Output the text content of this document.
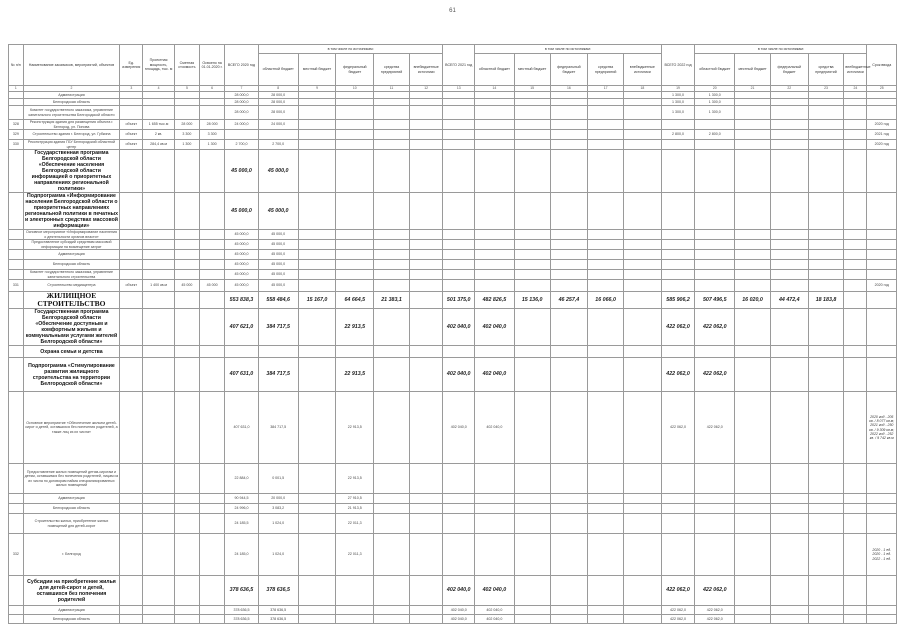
61
№ п/п	Наименование заказчиков, мероприятий, объектов	Ед. измерения	Проектная мощность, площадь, тыс. м	Сметная стоимость	Освоено на 01.01.2020 г.	ВСЕГО 2020 год	в том числе по источникам:					ВСЕГО 2021 год	в том числе по источникам:					ВСЕГО 2022 год	в том числе по источникам:					Срок ввода
							областной бюджет	местный бюджет	федеральный бюджет	средства предприятий	внебюджетные источники		областной бюджет	местный бюджет	федеральный бюджет	средства предприятий	внебюджетные источники		областной бюджет	местный бюджет	федеральный бюджет	средства предприятий	внебюджетные источники	
1	2	3	4	5	6	7	8	9	10	11	12	13	14	15	16	17	18	19	20	21	22	23	24	25
	Администрация					28 000,0	28 000,0											1 300,0	1 300,0					
	Белгородская область					28 000,0	28 000,0											1 300,0	1 300,0					
	Комитет государственного заказчика, управление капитального строительства Белгородской области					28 000,0	28 000,0											1 300,0	1 300,0					
328	Реконструкция здания для размещения объекта г. Белгород, ул. Попова	объект	1 655 тыс.м	28 000	28 000	24 000,0	24 000,0																	2020 год
329	Строительство здания г. Белгород, ул. Губкина	объект	2 кв.	3 300	3 300													2 800,0	2 800,0					2021 год
330	Реконструкция здания ГБУ Белгородский областной центр	объект	284,4 кв.м	1 300	1 300	2 700,0	2 700,0																	2020 год
	Государственная программа Белгородской области «Обеспечение населения Белгородской области информацией о приоритетных направлениях региональной политики»					45 000,0	45 000,0																	
	Подпрограмма «Информирование населения Белгородской области о приоритетных направлениях региональной политики в печатных и электронных средствах массовой информации»					45 000,0	45 000,0																	
	Основное мероприятие «Информирование населения о деятельности органов власти»					45 000,0	45 000,0																	
	Предоставление субсидий средствам массовой информации на возмещение затрат					45 000,0	45 000,0																	
	Администрация					45 000,0	45 000,0																	
	Белгородская область					45 000,0	45 000,0																	
	Комитет государственного заказчика, управление капитального строительства					45 000,0	45 000,0																	
331	Строительство медиацентра	объект	1 400 кв.м	45 000	45 000	45 000,0	45 000,0																	2020 год
	ЖИЛИЩНОЕ СТРОИТЕЛЬСТВО					553 838,3	558 484,6	15 167,0	64 664,5	21 383,1		501 375,0	482 826,5	15 136,0	46 257,4	16 066,0		585 906,2	507 496,5	16 020,0	44 472,4	18 183,8		
	Государственная программа Белгородской области «Обеспечение доступным и комфортным жильем и коммунальными услугами жителей Белгородской области»					407 621,0	384 717,5		22 913,5			402 040,0	402 040,0					422 062,0	422 062,0					
	Охрана семьи и детства																							
	Подпрограмма «Стимулирование развития жилищного строительства на территории Белгородской области»					407 631,0	384 717,5		22 913,5			402 040,0	402 040,0					422 062,0	422 062,0					
	Основное мероприятие «Обеспечение жильем детей-сирот и детей, оставшихся без попечения родителей, а также лиц из их числа»					407 631,0	384 717,5		22 913,5			402 040,0	402 040,0					422 062,0	422 062,0					2020 год - 205 кв. / 8 077 кв.м; 2021 год - 250 кв. / 9 309 кв.м; 2022 год - 252 кв. / 9 742 кв.м
	Предоставление жилых помещений детям-сиротам и детям, оставшимся без попечения родителей, лицам из их числа по договорам найма специализированных жилых помещений					22 884,0	0 001,5		22 913,5															
	Администрация					90 944,5	20 000,0		27 910,5															
	Белгородская область					24 996,0	3 083,2		21 913,5															
	Строительство жилья, приобретение жилых помещений для детей-сирот					24 185,5	1 024,0		22 011,3															
332	г. Белгород					24 185,0	1 024,0		22 011,3															2020 - 1 ед. 2020 - 1 ед. 2022 - 1 ед.
	Субсидии на приобретение жилья для детей-сирот и детей, оставшихся без попечения родителей					378 636,5	378 636,5					402 040,0	402 040,0					422 062,0	422 062,0					
	Администрация					378 636,5	378 636,5					402 040,0	402 040,0					422 062,0	422 062,0					
	Белгородская область					378 636,5	378 636,5					402 040,0	402 040,0					422 062,0	422 062,0					
